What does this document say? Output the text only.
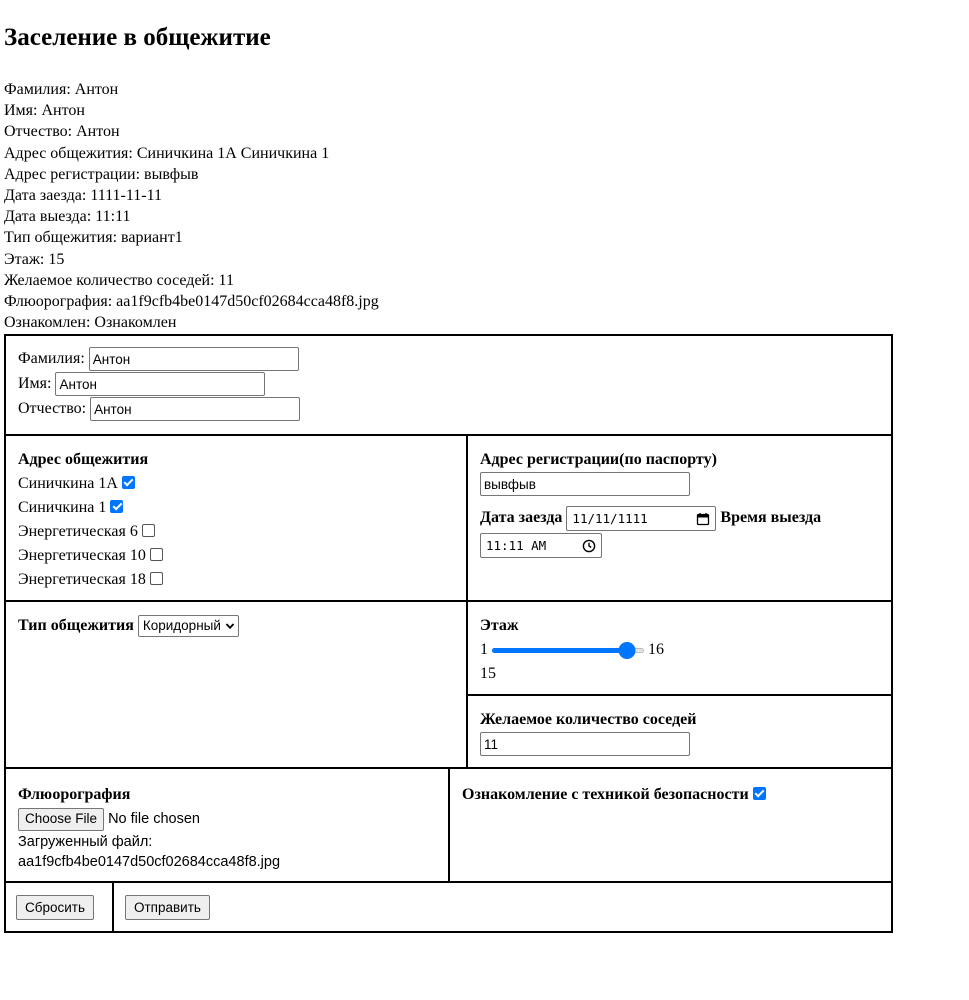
Заселение в общежитие
Фамилия: Антон
Имя: Антон
Отчество: Антон
Адрес общежития: Синичкина 1А Синичкина 1
Адрес регистрации: вывфыв
Дата заезда: 1111-11-11
Дата выезда: 11:11
Тип общежития: вариант1
Этаж: 15
Желаемое количество соседей: 11
Флюорография: aa1f9cfb4be0147d50cf02684cca48f8.jpg
Ознакомлен: Ознакомлен
Фамилия: Антон
Имя: Антон
Отчество: Антон
Адрес общежития
Синичкина 1А
Синичкина 1
Энергетическая 6
Энергетическая 10
Энергетическая 18
Адрес регистрации(по паспорту)
вывфыв
Дата заезда 11/11/1111	Время выезда
11:11 AM
Тип общежития Коридорный	Этаж
1	16
15
Желаемое количество соседей
11
Флюорография
Choose File No file chosen
Загруженный файл:
aa1f9cfb4be0147d50cf02684cca48f8.jpg
Ознакомление с техникой безопасности
Сбросить	Отправить
